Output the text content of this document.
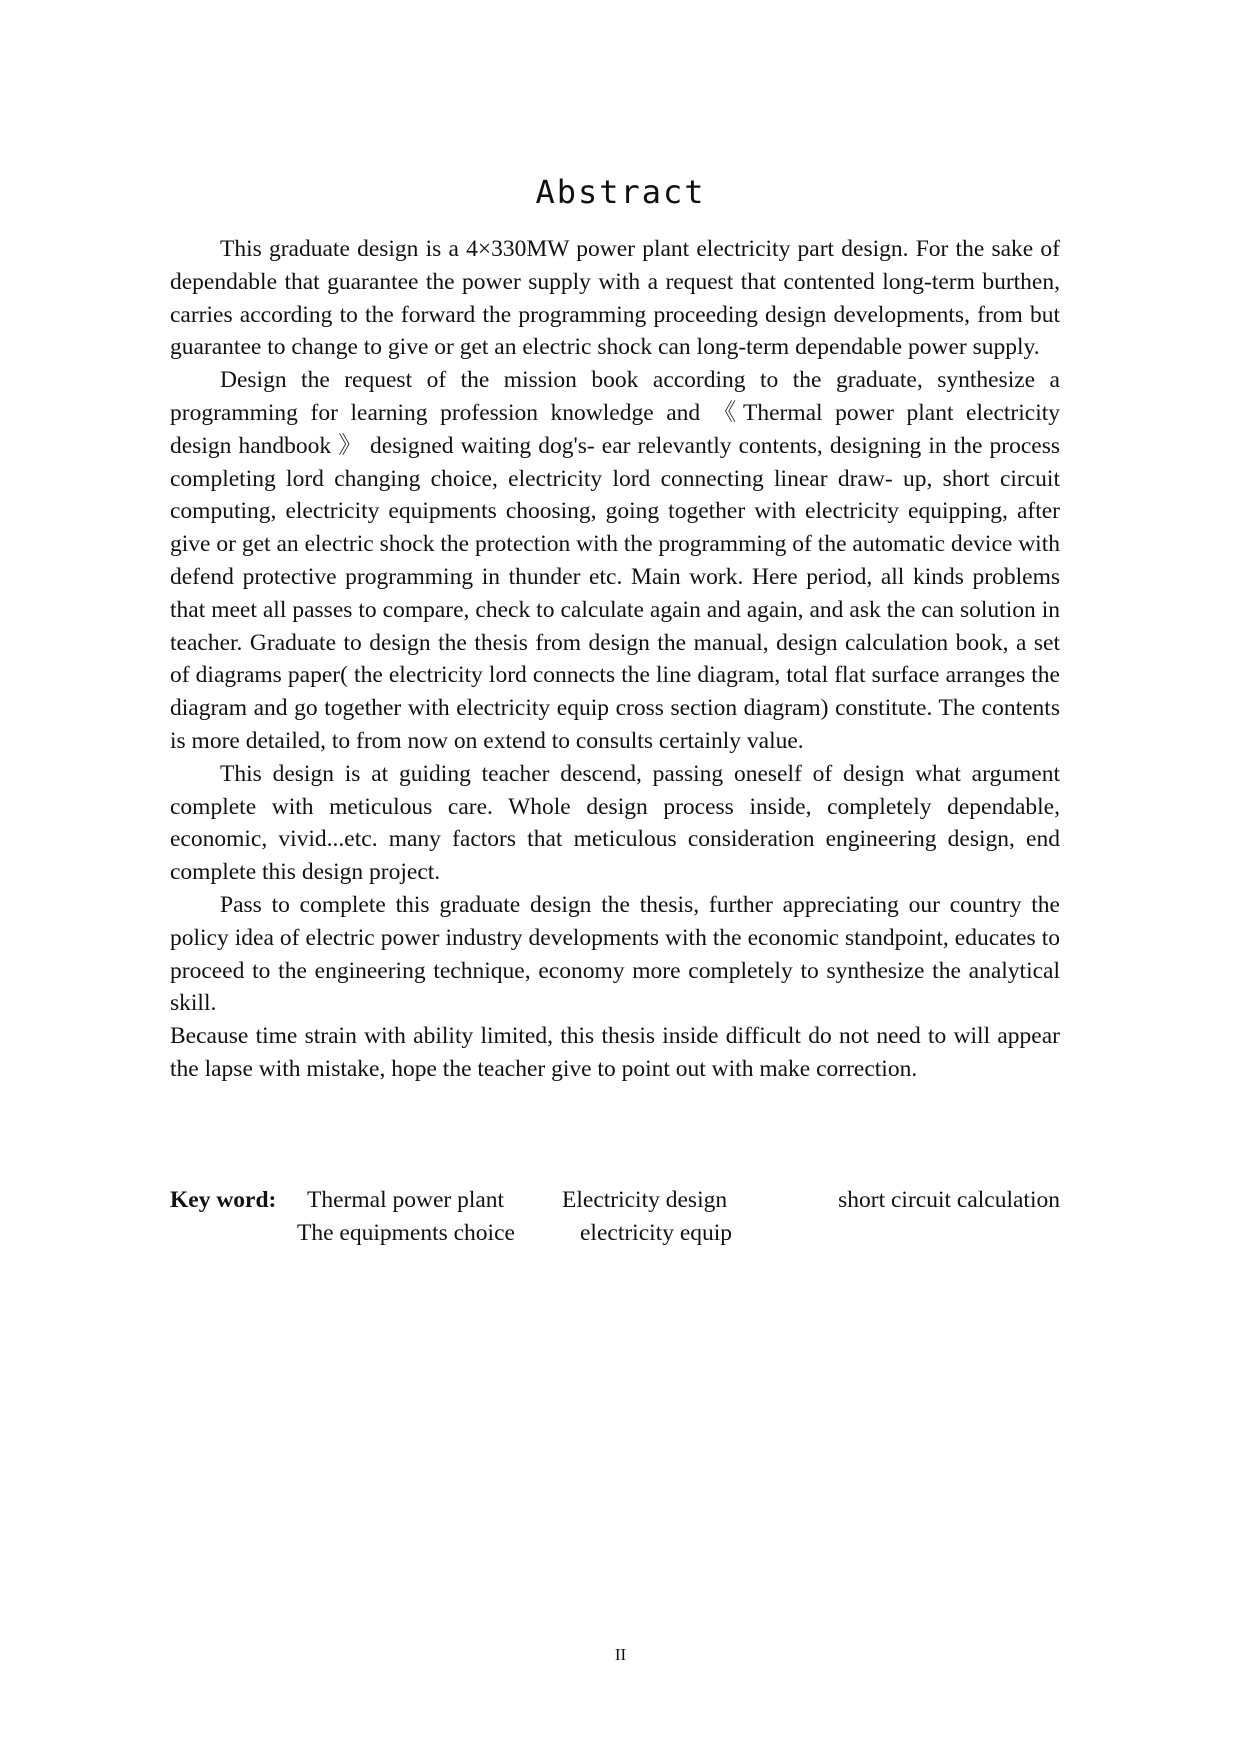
Abstract

This graduate design is a 4×330MW power plant electricity part design. For the sake of dependable that guarantee the power supply with a request that contented long-term burthen, carries according to the forward the programming proceeding design developments, from but guarantee to change to give or get an electric shock can long-term dependable power supply.

Design the request of the mission book according to the graduate, synthesize a programming for learning profession knowledge and 《Thermal power plant electricity design handbook 》 designed waiting dog's- ear relevantly contents, designing in the process completing lord changing choice, electricity lord connecting linear draw- up, short circuit computing, electricity equipments choosing, going together with electricity equipping, after give or get an electric shock the protection with the programming of the automatic device with defend protective programming in thunder etc. Main work. Here period, all kinds problems that meet all passes to compare, check to calculate again and again, and ask the can solution in teacher. Graduate to design the thesis from design the manual, design calculation book, a set of diagrams paper( the electricity lord connects the line diagram, total flat surface arranges the diagram and go together with electricity equip cross section diagram) constitute. The contents is more detailed, to from now on extend to consults certainly value.

This design is at guiding teacher descend, passing oneself of design what argument complete with meticulous care. Whole design process inside, completely dependable, economic, vivid...etc. many factors that meticulous consideration engineering design, end complete this design project.

Pass to complete this graduate design the thesis, further appreciating our country the policy idea of electric power industry developments with the economic standpoint, educates to proceed to the engineering technique, economy more completely to synthesize the analytical skill.

Because time strain with ability limited, this thesis inside difficult do not need to will appear the lapse with mistake, hope the teacher give to point out with make correction.

Key word: Thermal power plant Electricity design	short circuit calculation
The equipments choice	electricity equip
II
